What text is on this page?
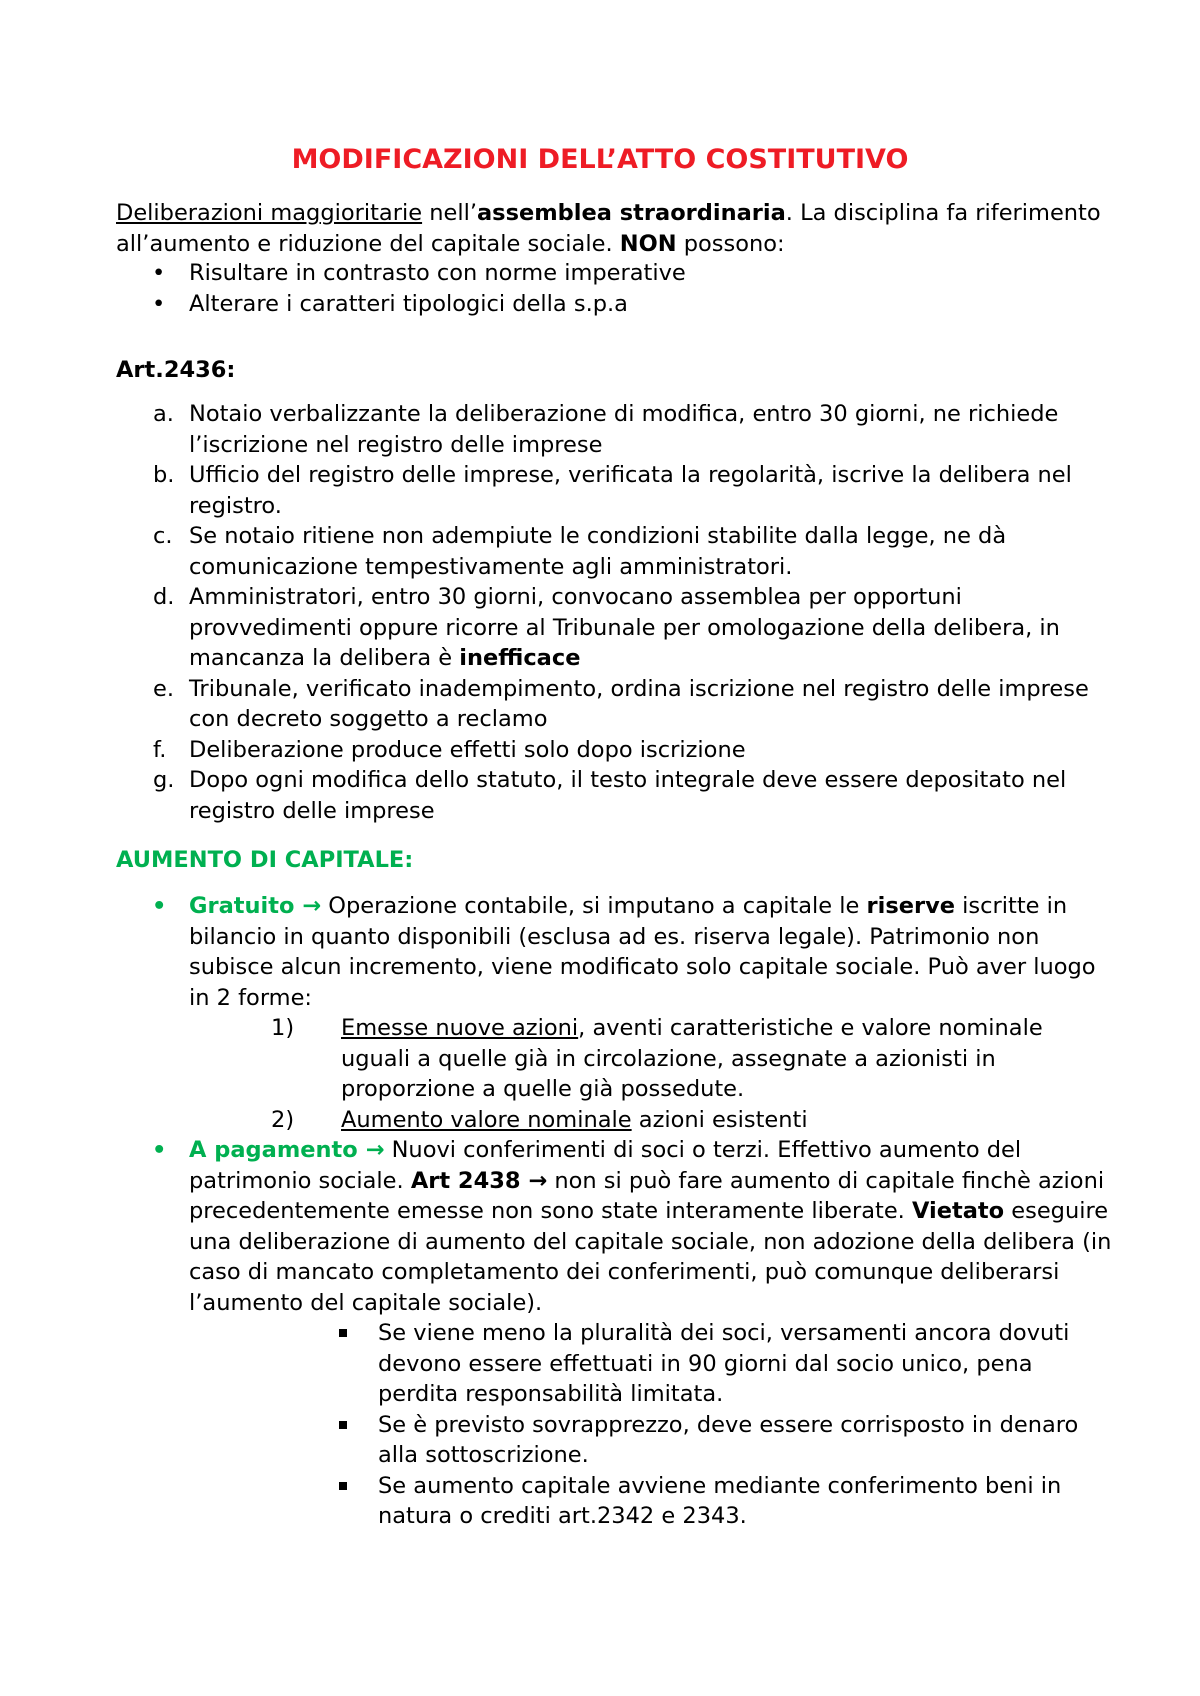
MODIFICAZIONI DELL’ATTO COSTITUTIVO

Deliberazioni maggioritarie nell’assemblea straordinaria. La disciplina fa riferimento all’aumento e riduzione del capitale sociale. NON possono:

• Risultare in contrasto con norme imperative
• Alterare i caratteri tipologici della s.p.a

Art.2436:

a. Notaio verbalizzante la deliberazione di modifica, entro 30 giorni, ne richiede l’iscrizione nel registro delle imprese
b. Ufficio del registro delle imprese, verificata la regolarità, iscrive la delibera nel registro.
c. Se notaio ritiene non adempiute le condizioni stabilite dalla legge, ne dà comunicazione tempestivamente agli amministratori.
d. Amministratori, entro 30 giorni, convocano assemblea per opportuni provvedimenti oppure ricorre al Tribunale per omologazione della delibera, in mancanza la delibera è inefficace
e. Tribunale, verificato inadempimento, ordina iscrizione nel registro delle imprese con decreto soggetto a reclamo
f. Deliberazione produce effetti solo dopo iscrizione
g. Dopo ogni modifica dello statuto, il testo integrale deve essere depositato nel registro delle imprese

AUMENTO DI CAPITALE:

• Gratuito → Operazione contabile, si imputano a capitale le riserve iscritte in bilancio in quanto disponibili (esclusa ad es. riserva legale). Patrimonio non subisce alcun incremento, viene modificato solo capitale sociale. Può aver luogo in 2 forme:
1) Emesse nuove azioni, aventi caratteristiche e valore nominale uguali a quelle già in circolazione, assegnate a azionisti in proporzione a quelle già possedute.
2) Aumento valore nominale azioni esistenti
• A pagamento → Nuovi conferimenti di soci o terzi. Effettivo aumento del patrimonio sociale. Art 2438 → non si può fare aumento di capitale finchè azioni precedentemente emesse non sono state interamente liberate. Vietato eseguire una deliberazione di aumento del capitale sociale, non adozione della delibera (in caso di mancato completamento dei conferimenti, può comunque deliberarsi l’aumento del capitale sociale).
Se viene meno la pluralità dei soci, versamenti ancora dovuti devono essere effettuati in 90 giorni dal socio unico, pena perdita responsabilità limitata.
Se è previsto sovrapprezzo, deve essere corrisposto in denaro alla sottoscrizione.
Se aumento capitale avviene mediante conferimento beni in natura o crediti art.2342 e 2343.
